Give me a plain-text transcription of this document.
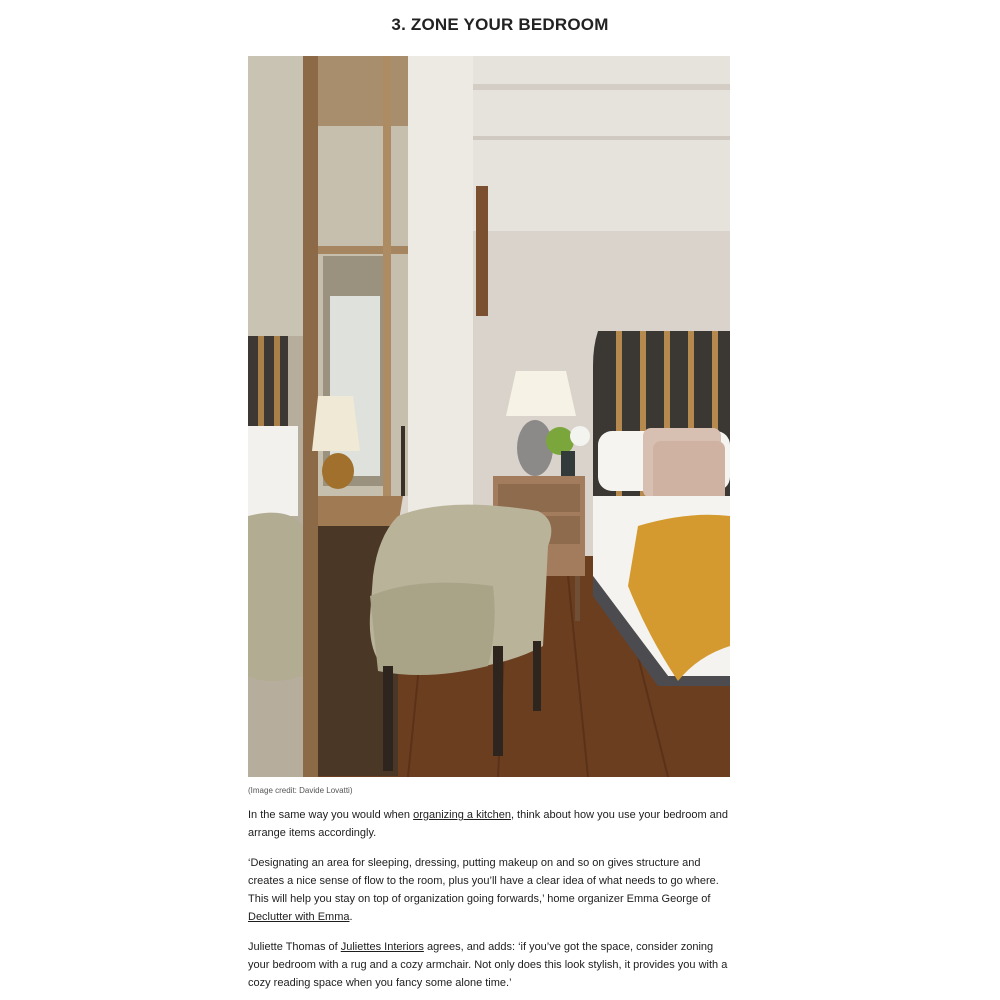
3. ZONE YOUR BEDROOM
(Image credit: Davide Lovatti)

In the same way you would when organizing a kitchen, think about how you use your bedroom and arrange items accordingly.

‘Designating an area for sleeping, dressing, putting makeup on and so on gives structure and creates a nice sense of flow to the room, plus you’ll have a clear idea of what needs to go where. This will help you stay on top of organization going forwards,’ home organizer Emma George of Declutter with Emma.

Juliette Thomas of Juliettes Interiors agrees, and adds: ‘if you’ve got the space, consider zoning your bedroom with a rug and a cozy armchair. Not only does this look stylish, it provides you with a cozy reading space when you fancy some alone time.’
